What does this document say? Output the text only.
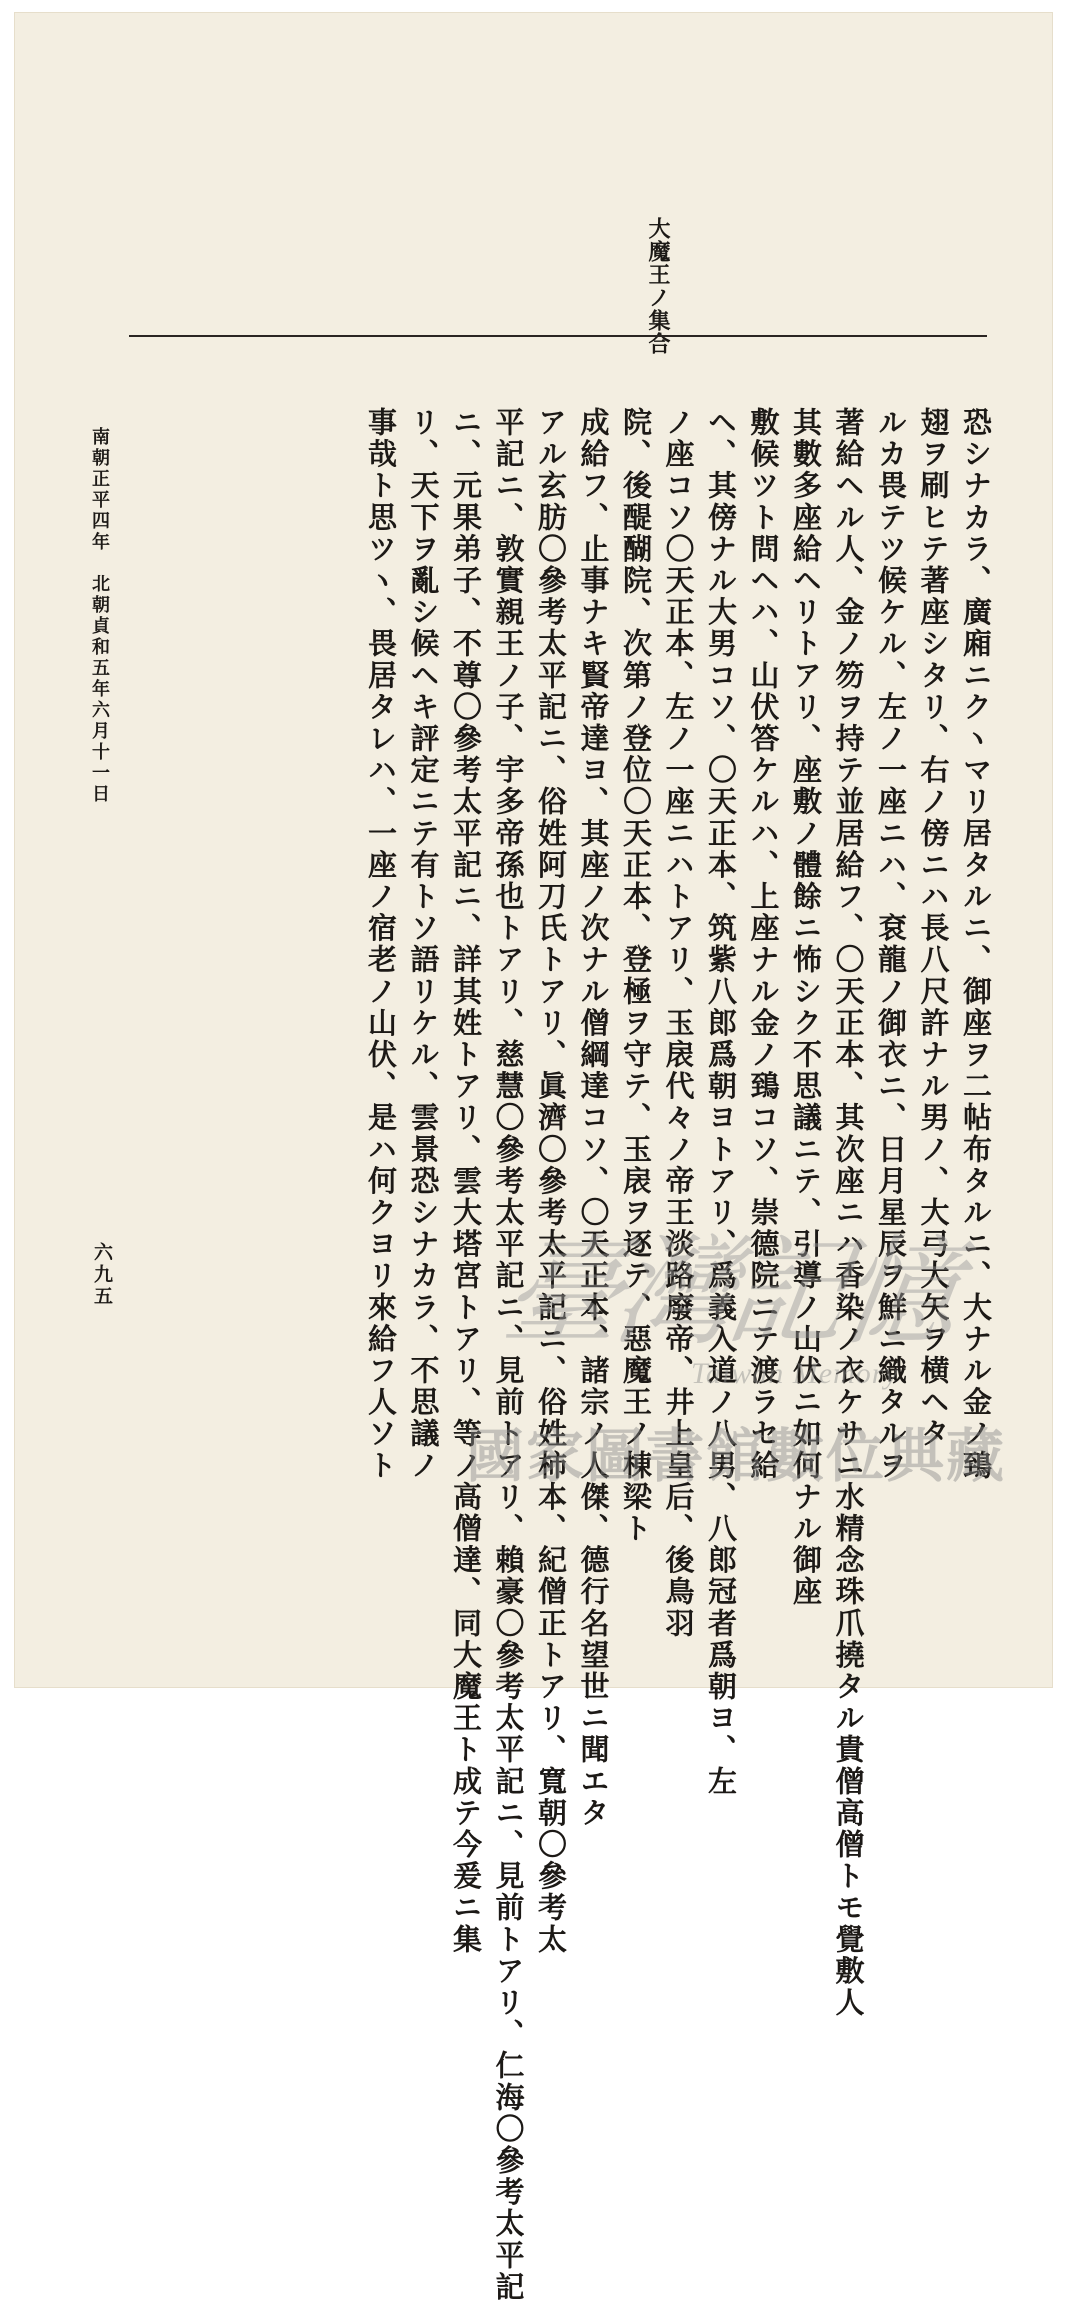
大魔王ノ集合
恐シナカラ、廣廂ニクヽマリ居タルニ、御座ヲ二帖布タルニ、大ナル金ノ鵄
翅ヲ刷ヒテ著座シタリ、右ノ傍ニハ長八尺許ナル男ノ、大弓大矢ヲ横ヘタ
ルカ畏テツ候ケル、左ノ一座ニハ、袞龍ノ御衣ニ、日月星辰ヲ鮮ニ織タルヲ
著給ヘル人、金ノ笏ヲ持テ並居給フ、〇天正本、其次座ニハ香染ノ衣ケサニ水精念珠爪撓タル貴僧高僧トモ覺敷人
其數多座給ヘリトアリ、座敷ノ體餘ニ怖シク不思議ニテ、引導ノ山伏ニ如何ナル御座
敷候ツト問ヘハ、山伏答ケルハ、上座ナル金ノ鵄コソ、崇德院ニテ渡ラセ給
ヘ、其傍ナル大男コソ、〇天正本、筑紫八郎爲朝ヨトアリ、爲義入道ノ八男、八郎冠者爲朝ヨ、左
ノ座コソ〇天正本、左ノ一座ニハトアリ、玉扆代々ノ帝王淡路廢帝、井上皇后、後鳥羽
院、後醍醐院、次第ノ登位〇天正本、登極ヲ守テ、玉扆ヲ逐テ、惡魔王ノ棟梁ト
成給フ、止事ナキ賢帝達ヨ、其座ノ次ナル僧綱達コソ、〇天正本、諸宗ノ人傑、德行名望世ニ聞エタ
アル玄肪〇參考太平記ニ、俗姓阿刀氏トアリ、眞濟〇參考太平記ニ、俗姓柿本、紀僧正トアリ、寬朝〇參考太
平記ニ、敦實親王ノ子、宇多帝孫也トアリ、慈慧〇參考太平記ニ、見前トアリ、賴豪〇參考太平記ニ、見前トアリ、仁海〇參考太平記
ニ、元果弟子、不尊〇參考太平記ニ、詳其姓トアリ、雲大塔宮トアリ、等ノ高僧達、同大魔王ト成テ今爰ニ集
リ、天下ヲ亂シ候ヘキ評定ニテ有トソ語リケル、雲景恐シナカラ、不思議ノ
事哉ト思ツヽ、畏居タレハ、一座ノ宿老ノ山伏、是ハ何クヨリ來給フ人ソト
南朝正平四年　北朝貞和五年六月十一日
六九五	臺灣記憶
Taiwan Memory
國家圖書館數位典藏
